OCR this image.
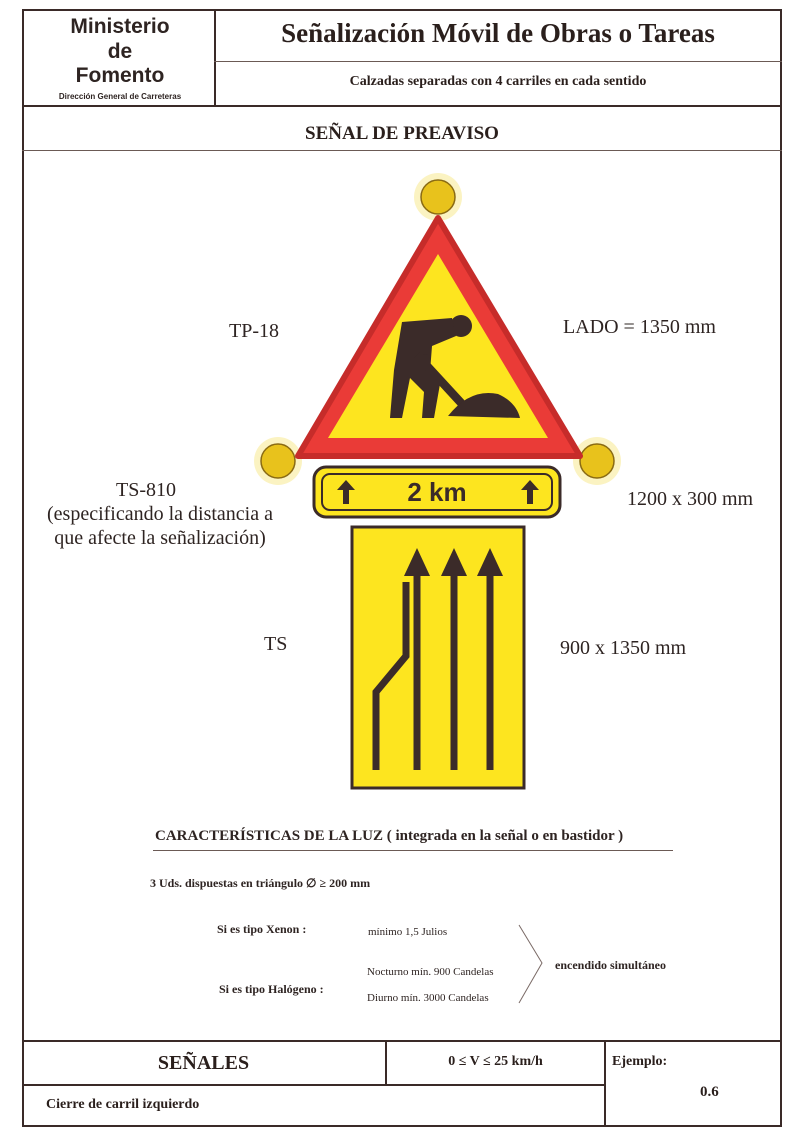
Ministerio
de
Fomento
Dirección General de Carreteras
Señalización Móvil de Obras o Tareas
Calzadas separadas con 4 carriles en cada sentido
SEÑAL DE PREAVISO
2 km
TP-18	LADO = 1350 mm
TS-810
(especificando la distancia a
que afecte la señalización)
1200 x 300 mm
TS	900 x 1350 mm
CARACTERÍSTICAS DE LA LUZ ( integrada en la señal o en bastidor )
3 Uds. dispuestas en triángulo ∅ ≥ 200 mm
Si es tipo Xenon :	mínimo 1,5 Julios
Si es tipo Halógeno :
Nocturno mín. 900 Candelas
Diurno mín. 3000 Candelas
encendido simultáneo
SEÑALES	0 ≤ V ≤ 25 km/h	Ejemplo:
0.6
Cierre de carril izquierdo
